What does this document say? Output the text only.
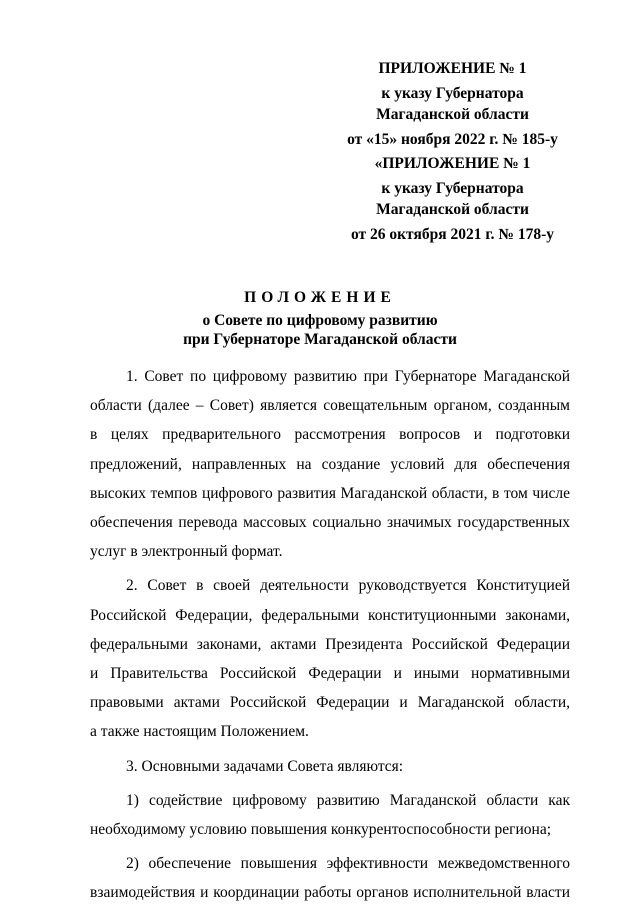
ПРИЛОЖЕНИЕ № 1
к указу Губернатора
Магаданской области
от «15» ноября 2022 г. № 185-у
«ПРИЛОЖЕНИЕ № 1
к указу Губернатора
Магаданской области
от 26 октября 2021 г. № 178-у
ПОЛОЖЕНИЕ
о Совете по цифровому развитию
при Губернаторе Магаданской области
1. Совет по цифровому развитию при Губернаторе Магаданской
области (далее – Совет) является совещательным органом, созданным
в целях предварительного рассмотрения вопросов и подготовки
предложений, направленных на создание условий для обеспечения
высоких темпов цифрового развития Магаданской области, в том числе
обеспечения перевода массовых социально значимых государственных
услуг в электронный формат.
2. Совет в своей деятельности руководствуется Конституцией
Российской Федерации, федеральными конституционными законами,
федеральными законами, актами Президента Российской Федерации
и Правительства Российской Федерации и иными нормативными
правовыми актами Российской Федерации и Магаданской области,
а также настоящим Положением.
3. Основными задачами Совета являются:
1) содействие цифровому развитию Магаданской области как
необходимому условию повышения конкурентоспособности региона;
2) обеспечение повышения эффективности межведомственного
взаимодействия и координации работы органов исполнительной власти
